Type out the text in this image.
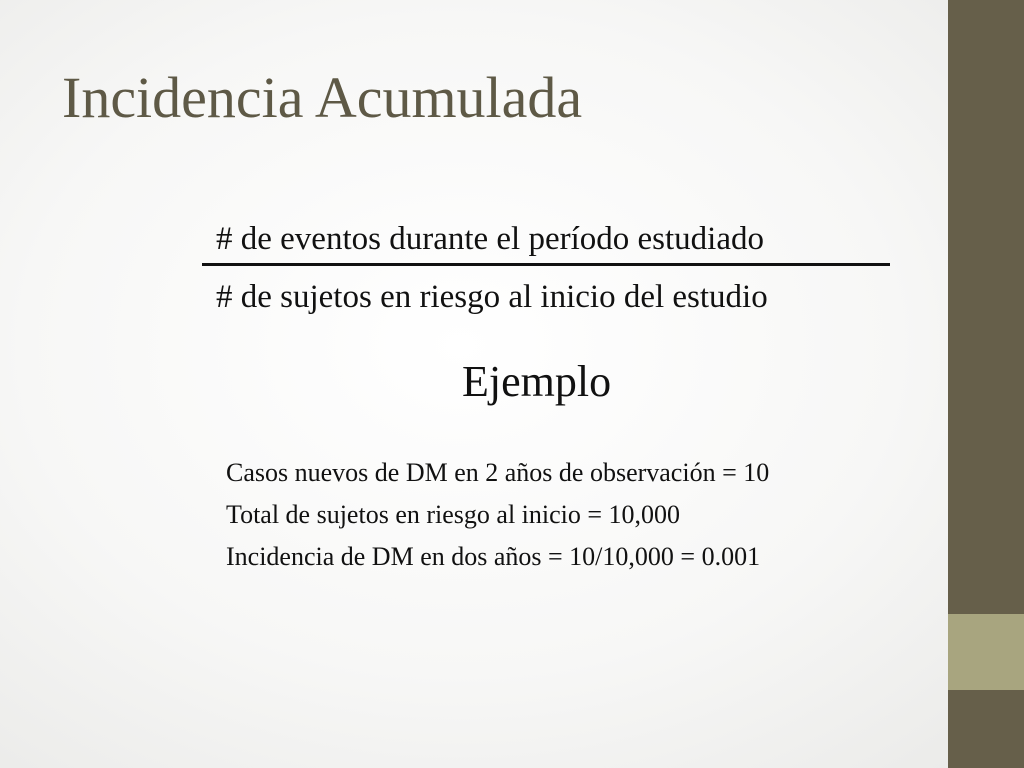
Incidencia Acumulada
# de eventos durante el período estudiado
# de sujetos en riesgo al inicio del estudio
Ejemplo
Casos nuevos de DM en 2 años de observación = 10
Total de sujetos en riesgo al inicio = 10,000
Incidencia de DM en dos años = 10/10,000 = 0.001
